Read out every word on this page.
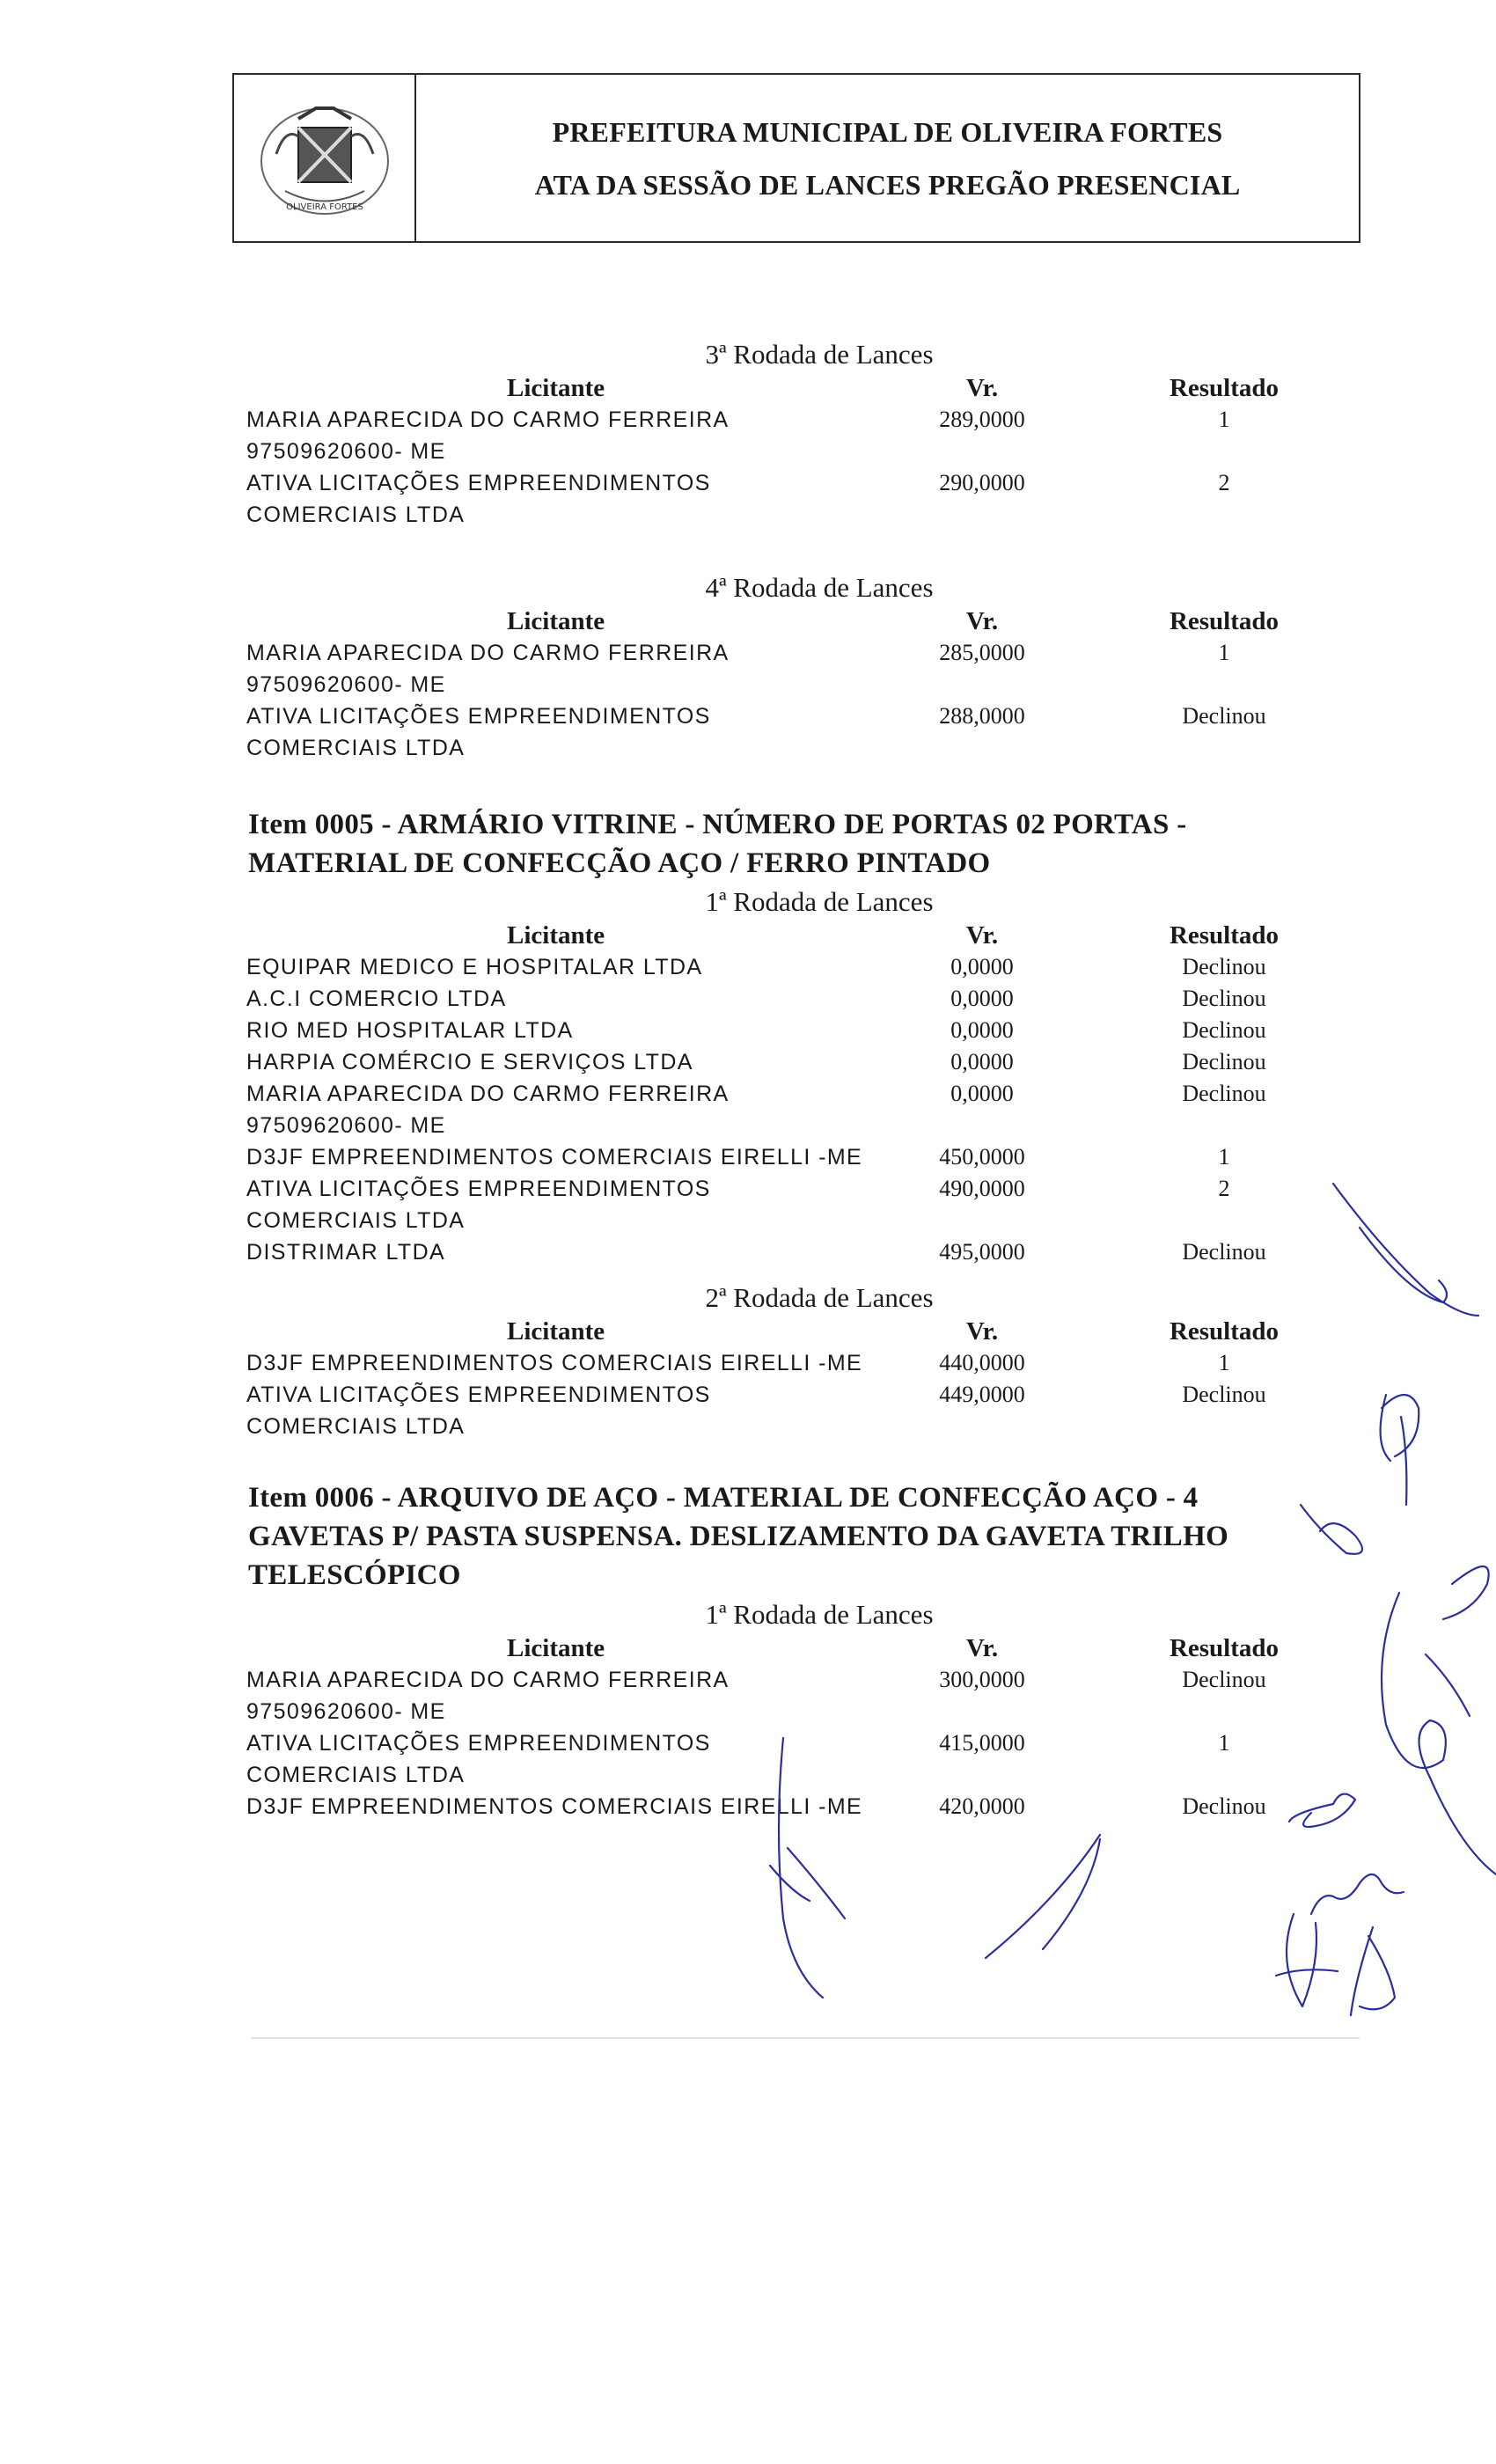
OLIVEIRA FORTES
PREFEITURA MUNICIPAL DE OLIVEIRA FORTES
ATA DA SESSÃO DE LANCES PREGÃO PRESENCIAL
3ª Rodada de Lances
Licitante	Vr.	Resultado
MARIA APARECIDA DO CARMO FERREIRA
97509620600- ME
289,0000	1
ATIVA LICITAÇÕES EMPREENDIMENTOS
COMERCIAIS LTDA
290,0000	2
4ª Rodada de Lances
Licitante	Vr.	Resultado
MARIA APARECIDA DO CARMO FERREIRA
97509620600- ME
285,0000	1
ATIVA LICITAÇÕES EMPREENDIMENTOS
COMERCIAIS LTDA
288,0000	Declinou
Item 0005 - ARMÁRIO VITRINE - NÚMERO DE PORTAS 02 PORTAS -
MATERIAL DE CONFECÇÃO AÇO / FERRO PINTADO
1ª Rodada de Lances
Licitante	Vr.	Resultado
EQUIPAR MEDICO E HOSPITALAR LTDA	0,0000	Declinou
A.C.I COMERCIO LTDA	0,0000	Declinou
RIO MED HOSPITALAR LTDA	0,0000	Declinou
HARPIA COMÉRCIO E SERVIÇOS LTDA	0,0000	Declinou
MARIA APARECIDA DO CARMO FERREIRA
97509620600- ME
0,0000	Declinou
D3JF EMPREENDIMENTOS COMERCIAIS EIRELLI -ME	450,0000	1
ATIVA LICITAÇÕES EMPREENDIMENTOS
COMERCIAIS LTDA
490,0000	2
DISTRIMAR LTDA	495,0000	Declinou
2ª Rodada de Lances
Licitante	Vr.	Resultado
D3JF EMPREENDIMENTOS COMERCIAIS EIRELLI -ME	440,0000	1
ATIVA LICITAÇÕES EMPREENDIMENTOS
COMERCIAIS LTDA
449,0000	Declinou
Item 0006 - ARQUIVO DE AÇO - MATERIAL DE CONFECÇÃO AÇO - 4
GAVETAS P/ PASTA SUSPENSA. DESLIZAMENTO DA GAVETA TRILHO
TELESCÓPICO
1ª Rodada de Lances
Licitante	Vr.	Resultado
MARIA APARECIDA DO CARMO FERREIRA
97509620600- ME
300,0000	Declinou
ATIVA LICITAÇÕES EMPREENDIMENTOS
COMERCIAIS LTDA
415,0000	1
D3JF EMPREENDIMENTOS COMERCIAIS EIRELLI -ME	420,0000	Declinou
